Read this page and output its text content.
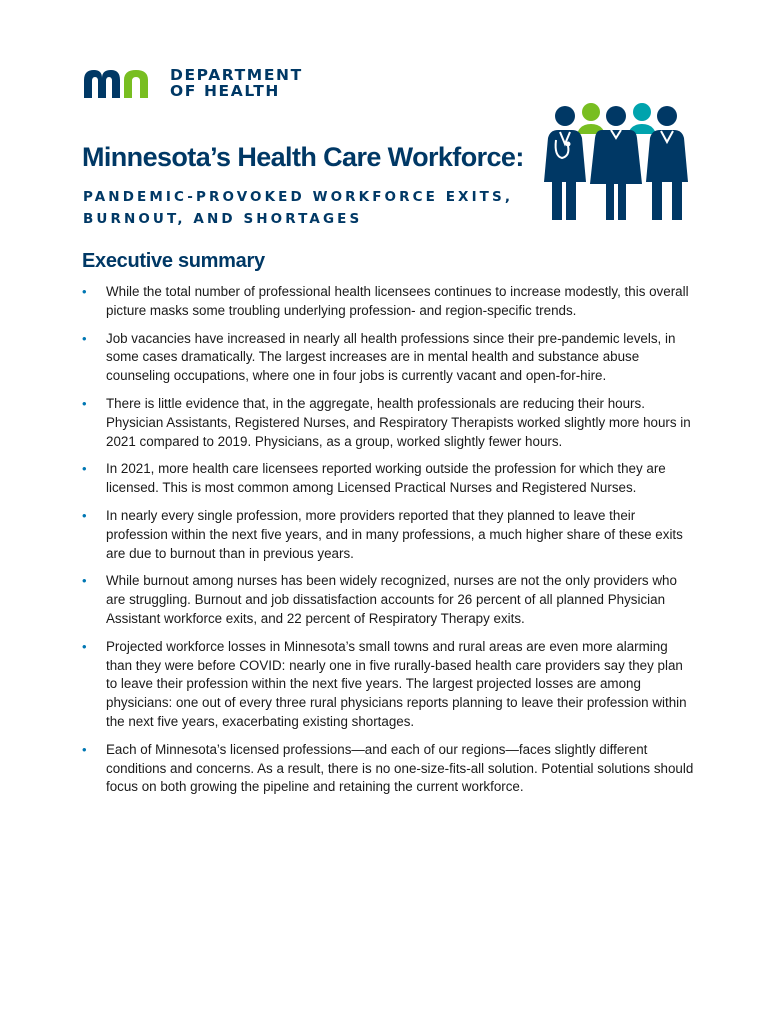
DEPARTMENT
OF HEALTH
Minnesota’s Health Care Workforce:
PANDEMIC-PROVOKED WORKFORCE EXITS, BURNOUT, AND SHORTAGES
Executive summary
•	While the total number of professional health licensees continues to increase modestly, this overall picture masks some troubling underlying profession- and region-specific trends.
•	Job vacancies have increased in nearly all health professions since their pre-pandemic levels, in some cases dramatically. The largest increases are in mental health and substance abuse counseling occupations, where one in four jobs is currently vacant and open-for-hire.
•	There is little evidence that, in the aggregate, health professionals are reducing their hours. Physician Assistants, Registered Nurses, and Respiratory Therapists worked slightly more hours in 2021 compared to 2019. Physicians, as a group, worked slightly fewer hours.
•	In 2021, more health care licensees reported working outside the profession for which they are licensed. This is most common among Licensed Practical Nurses and Registered Nurses.
•	In nearly every single profession, more providers reported that they planned to leave their profession within the next five years, and in many professions, a much higher share of these exits are due to burnout than in previous years.
•	While burnout among nurses has been widely recognized, nurses are not the only providers who are struggling. Burnout and job dissatisfaction accounts for 26 percent of all planned Physician Assistant workforce exits, and 22 percent of Respiratory Therapy exits.
•	Projected workforce losses in Minnesota’s small towns and rural areas are even more alarming than they were before COVID: nearly one in five rurally-based health care providers say they plan to leave their profession within the next five years. The largest projected losses are among physicians: one out of every three rural physicians reports planning to leave their profession within the next five years, exacerbating existing shortages.
•	Each of Minnesota’s licensed professions—and each of our regions—faces slightly different conditions and concerns. As a result, there is no one-size-fits-all solution. Potential solutions should focus on both growing the pipeline and retaining the current workforce.
